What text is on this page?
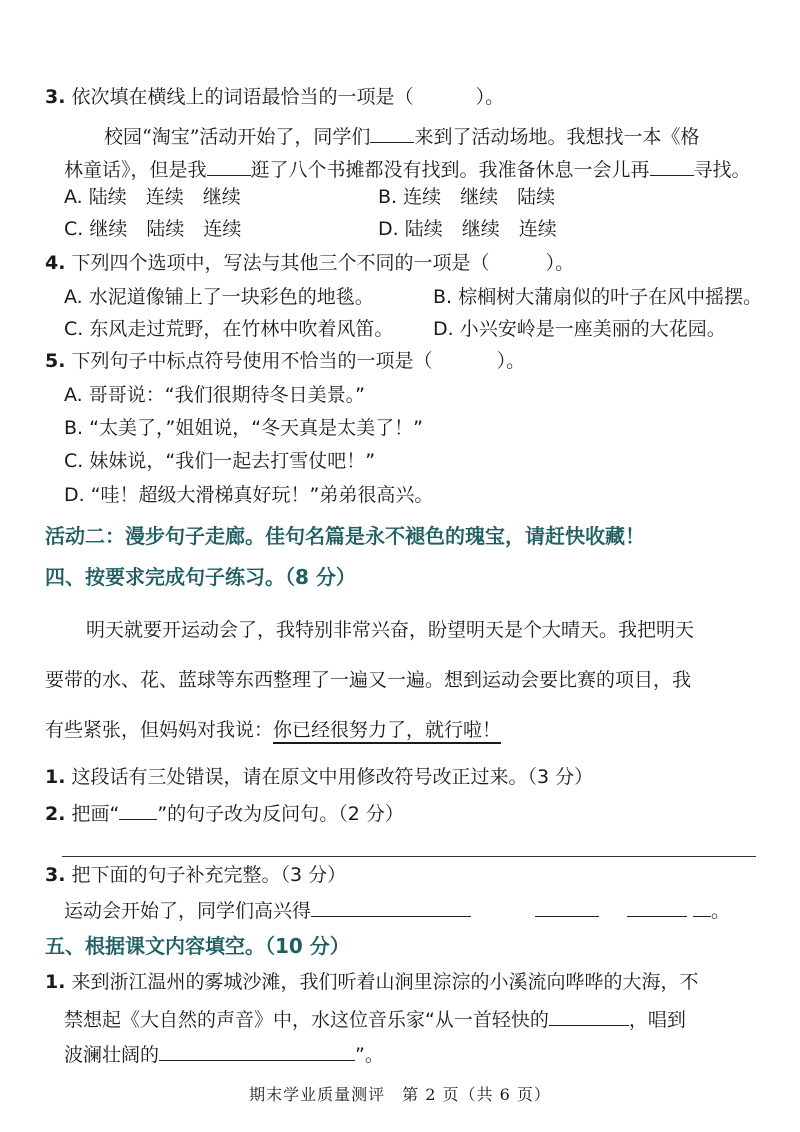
3. 依次填在横线上的词语最恰当的一项是（	）。
校园“淘宝”活动开始了，同学们 来到了活动场地。我想找一本《格
林童话》，但是我 逛了八个书摊都没有找到。我准备休息一会儿再 寻找。
A. 陆续　连续　继续	B. 连续　继续　陆续
C. 继续　陆续　连续	D. 陆续　继续　连续
4. 下列四个选项中，写法与其他三个不同的一项是（	）。
A. 水泥道像铺上了一块彩色的地毯。	B. 棕榈树大蒲扇似的叶子在风中摇摆。
C. 东风走过荒野，在竹林中吹着风笛。 D. 小兴安岭是一座美丽的大花园。
5. 下列句子中标点符号使用不恰当的一项是（	）。
A. 哥哥说：“我们很期待冬日美景。”
B. “太美了，”姐姐说，“冬天真是太美了！”
C. 妹妹说，“我们一起去打雪仗吧！”
D. “哇！超级大滑梯真好玩！”弟弟很高兴。
活动二：漫步句子走廊。佳句名篇是永不褪色的瑰宝，请赶快收藏！
四、按要求完成句子练习。（8 分）
明天就要开运动会了，我特别非常兴奋，盼望明天是个大晴天。我把明天
要带的水、花、蓝球等东西整理了一遍又一遍。想到运动会要比赛的项目，我
有些紧张，但妈妈对我说：你已经很努力了，就行啦！
1. 这段话有三处错误，请在原文中用修改符号改正过来。（3 分）
2. 把画“ ”的句子改为反问句。（2 分）
3. 把下面的句子补充完整。（3 分）
运动会开始了，同学们高兴得	。
五、根据课文内容填空。（10 分）
1. 来到浙江温州的雾城沙滩，我们听着山涧里淙淙的小溪流向哗哗的大海，不
禁想起《大自然的声音》中，水这位音乐家“从一首轻快的	，唱到
波澜壮阔的	”。
期末学业质量测评　第 2 页（共 6 页）
